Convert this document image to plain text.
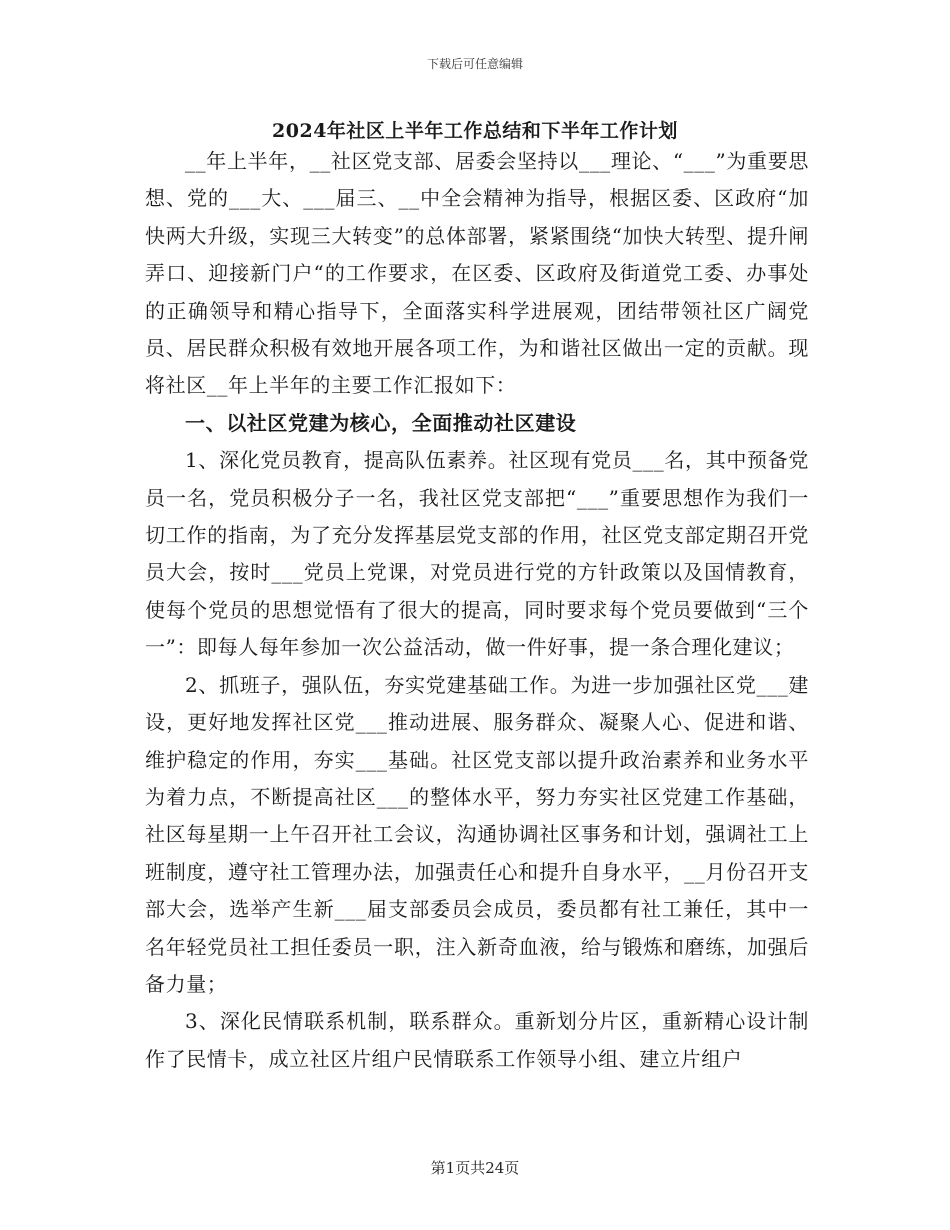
下载后可任意编辑
2024年社区上半年工作总结和下半年工作计划

__年上半年，__社区党支部、居委会坚持以___理论、“___”为重要思想、党的___大、___届三、__中全会精神为指导，根据区委、区政府“加快两大升级，实现三大转变”的总体部署，紧紧围绕“加快大转型、提升闸弄口、迎接新门户“的工作要求，在区委、区政府及街道党工委、办事处的正确领导和精心指导下，全面落实科学进展观，团结带领社区广阔党员、居民群众积极有效地开展各项工作，为和谐社区做出一定的贡献。现将社区__年上半年的主要工作汇报如下：

一、以社区党建为核心，全面推动社区建设

1、深化党员教育，提高队伍素养。社区现有党员___名，其中预备党员一名，党员积极分子一名，我社区党支部把“___”重要思想作为我们一切工作的指南，为了充分发挥基层党支部的作用，社区党支部定期召开党员大会，按时___党员上党课，对党员进行党的方针政策以及国情教育，使每个党员的思想觉悟有了很大的提高，同时要求每个党员要做到“三个一”：即每人每年参加一次公益活动，做一件好事，提一条合理化建议；

2、抓班子，强队伍，夯实党建基础工作。为进一步加强社区党___建设，更好地发挥社区党___推动进展、服务群众、凝聚人心、促进和谐、维护稳定的作用，夯实___基础。社区党支部以提升政治素养和业务水平为着力点，不断提高社区___的整体水平，努力夯实社区党建工作基础，社区每星期一上午召开社工会议，沟通协调社区事务和计划，强调社工上班制度，遵守社工管理办法，加强责任心和提升自身水平，__月份召开支部大会，选举产生新___届支部委员会成员，委员都有社工兼任，其中一名年轻党员社工担任委员一职，注入新奇血液，给与锻炼和磨练，加强后备力量；

3、深化民情联系机制，联系群众。重新划分片区，重新精心设计制作了民情卡，成立社区片组户民情联系工作领导小组、建立片组户

第1页共24页
